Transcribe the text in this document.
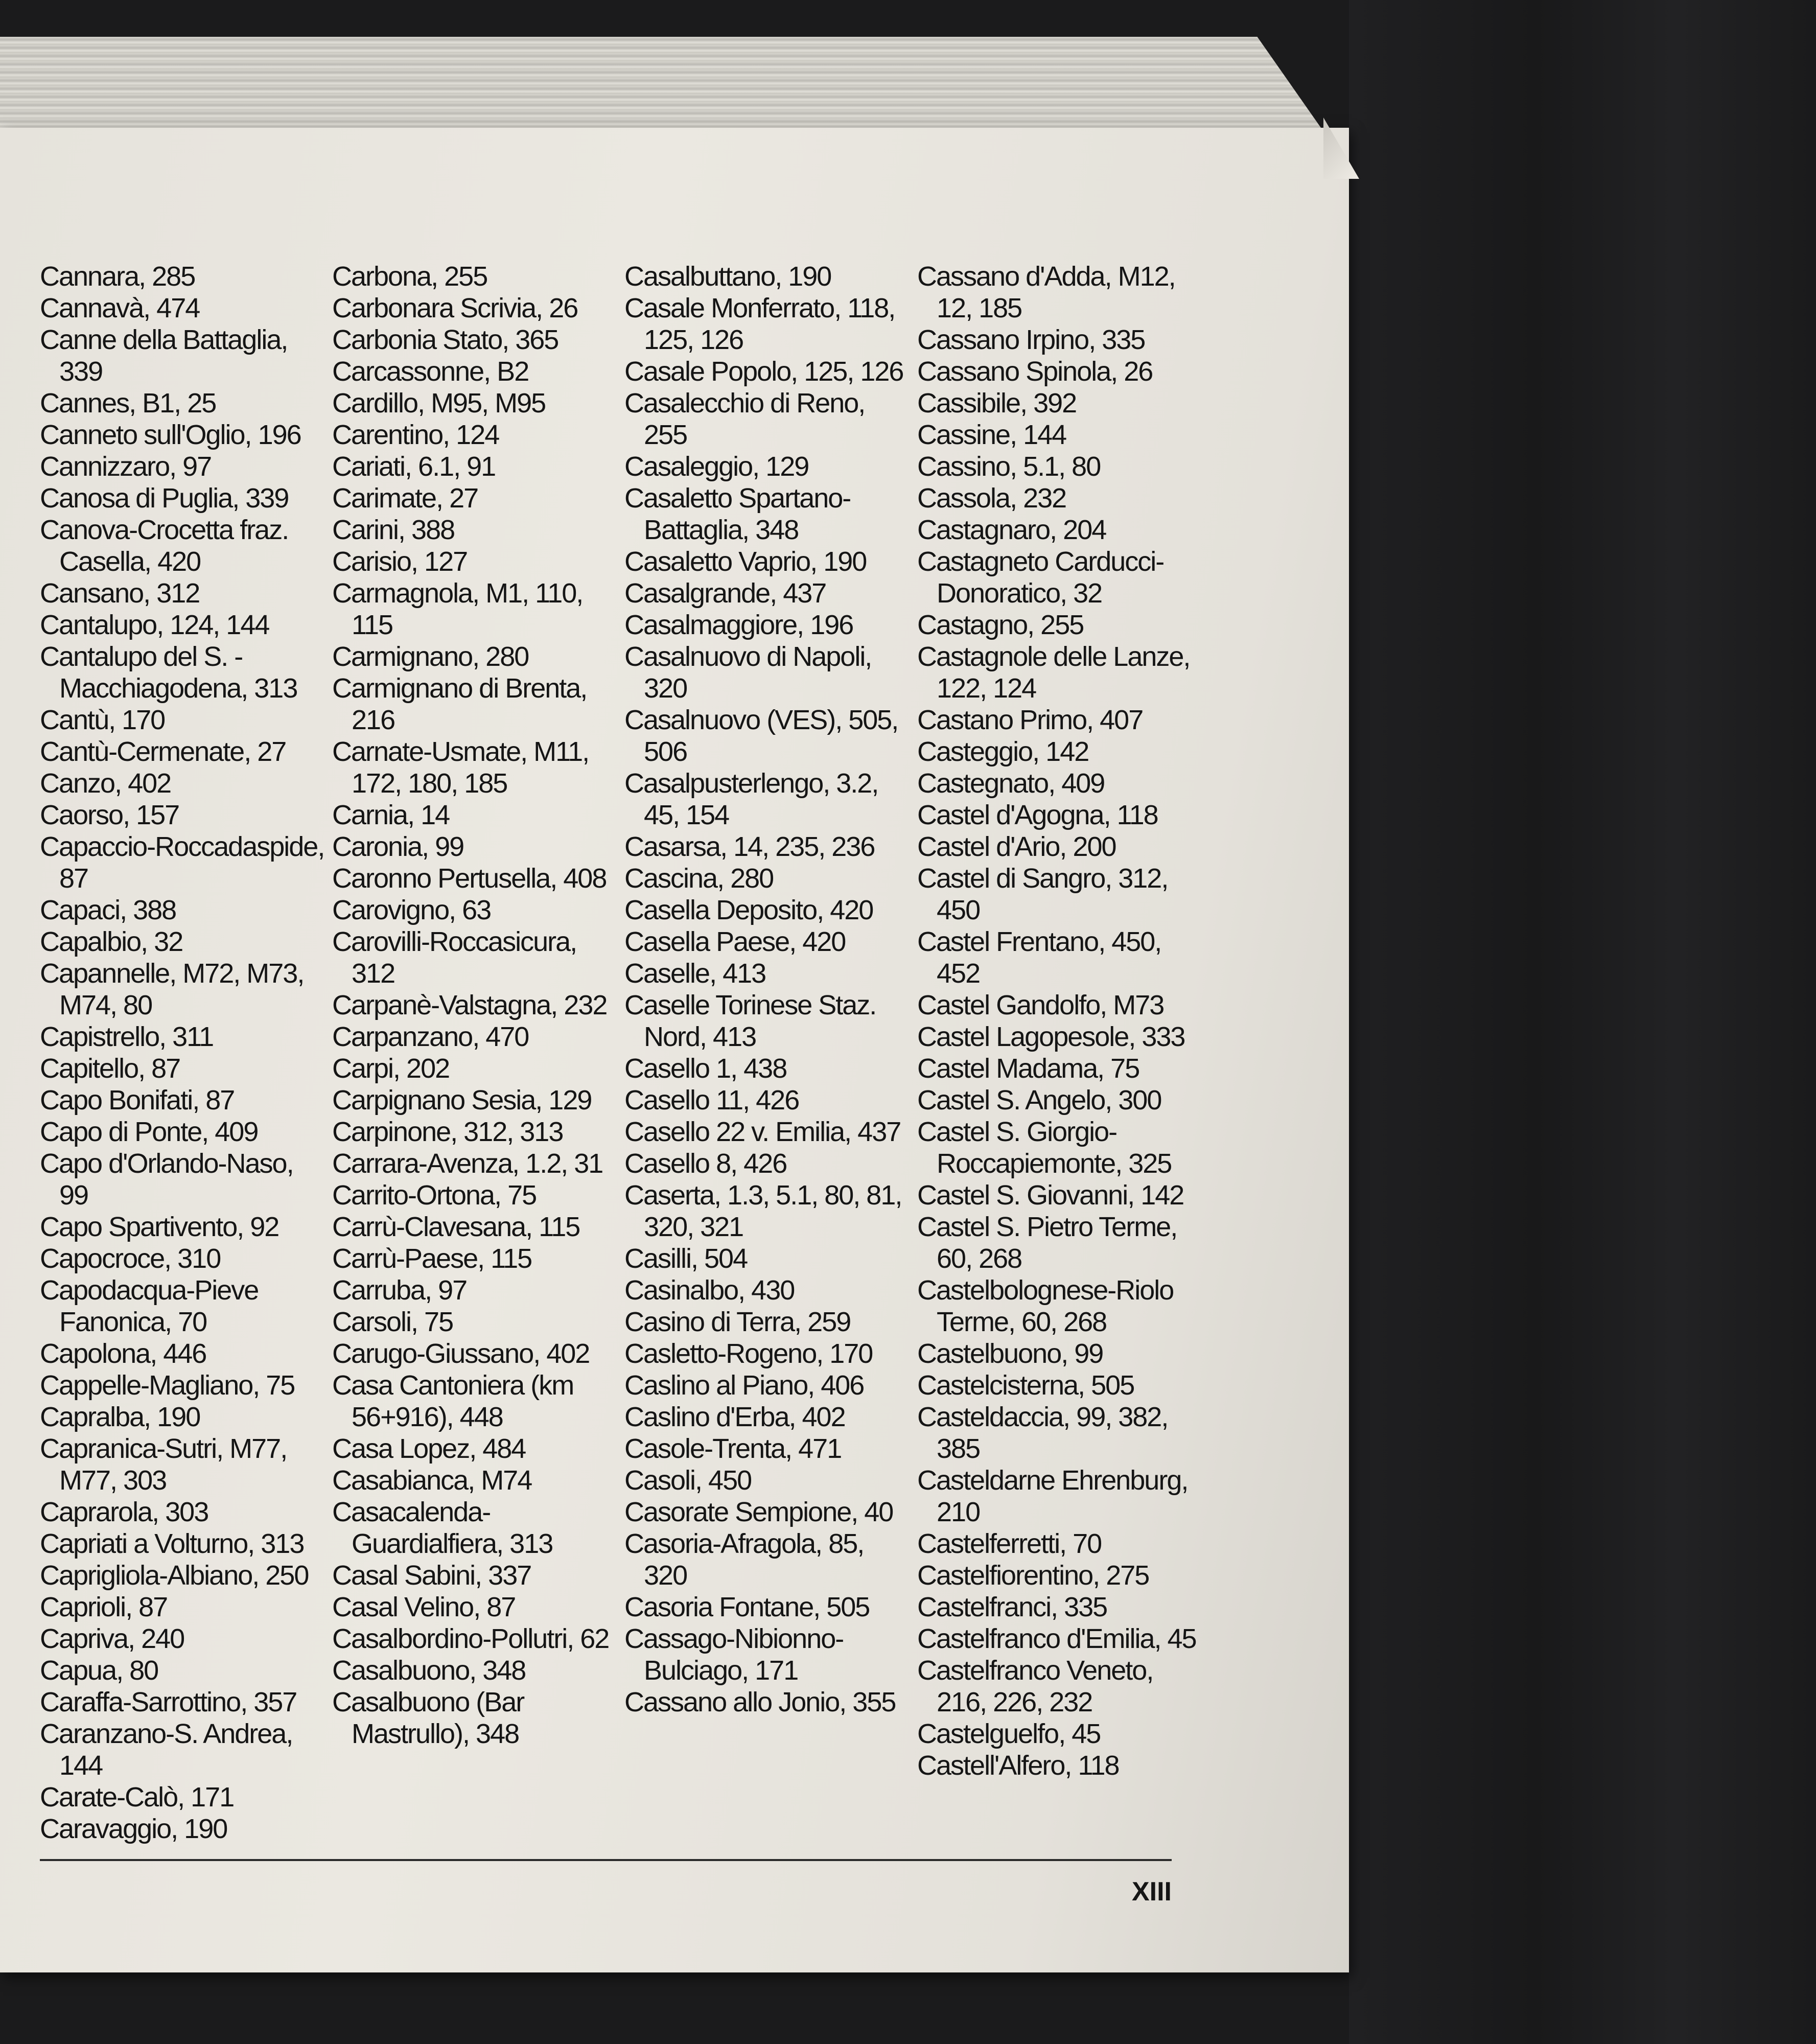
Cannara, 285

Cannavà, 474

Canne della Battaglia, 339

Cannes, B1, 25

Canneto sull'Oglio, 196

Cannizzaro, 97

Canosa di Puglia, 339

Canova-Crocetta fraz. Casella, 420

Cansano, 312

Cantalupo, 124, 144

Cantalupo del S. - Macchiagodena, 313

Cantù, 170

Cantù-Cermenate, 27

Canzo, 402

Caorso, 157

Capaccio-Roccadaspide, 87

Capaci, 388

Capalbio, 32

Capannelle, M72, M73, M74, 80

Capistrello, 311

Capitello, 87

Capo Bonifati, 87

Capo di Ponte, 409

Capo d'Orlando-Naso, 99

Capo Spartivento, 92

Capocroce, 310

Capodacqua-Pieve Fanonica, 70

Capolona, 446

Cappelle-Magliano, 75

Capralba, 190

Capranica-Sutri, M77, M77, 303

Caprarola, 303

Capriati a Volturno, 313

Caprigliola-Albiano, 250

Caprioli, 87

Capriva, 240

Capua, 80

Caraffa-Sarrottino, 357

Caranzano-S. Andrea, 144

Carate-Calò, 171

Caravaggio, 190

Carbona, 255

Carbonara Scrivia, 26

Carbonia Stato, 365

Carcassonne, B2

Cardillo, M95, M95

Carentino, 124

Cariati, 6.1, 91

Carimate, 27

Carini, 388

Carisio, 127

Carmagnola, M1, 110, 115

Carmignano, 280

Carmignano di Brenta, 216

Carnate-Usmate, M11, 172, 180, 185

Carnia, 14

Caronia, 99

Caronno Pertusella, 408

Carovigno, 63

Carovilli-Roccasicura, 312

Carpanè-Valstagna, 232

Carpanzano, 470

Carpi, 202

Carpignano Sesia, 129

Carpinone, 312, 313

Carrara-Avenza, 1.2, 31

Carrito-Ortona, 75

Carrù-Clavesana, 115

Carrù-Paese, 115

Carruba, 97

Carsoli, 75

Carugo-Giussano, 402

Casa Cantoniera (km 56+916), 448

Casa Lopez, 484

Casabianca, M74

Casacalenda-Guardialfiera, 313

Casal Sabini, 337

Casal Velino, 87

Casalbordino-Pollutri, 62

Casalbuono, 348

Casalbuono (Bar Mastrullo), 348

Casalbuttano, 190

Casale Monferrato, 118, 125, 126

Casale Popolo, 125, 126

Casalecchio di Reno, 255

Casaleggio, 129

Casaletto Spartano-Battaglia, 348

Casaletto Vaprio, 190

Casalgrande, 437

Casalmaggiore, 196

Casalnuovo di Napoli, 320

Casalnuovo (VES), 505, 506

Casalpusterlengo, 3.2, 45, 154

Casarsa, 14, 235, 236

Cascina, 280

Casella Deposito, 420

Casella Paese, 420

Caselle, 413

Caselle Torinese Staz. Nord, 413

Casello 1, 438

Casello 11, 426

Casello 22 v. Emilia, 437

Casello 8, 426

Caserta, 1.3, 5.1, 80, 81, 320, 321

Casilli, 504

Casinalbo, 430

Casino di Terra, 259

Casletto-Rogeno, 170

Caslino al Piano, 406

Caslino d'Erba, 402

Casole-Trenta, 471

Casoli, 450

Casorate Sempione, 40

Casoria-Afragola, 85, 320

Casoria Fontane, 505

Cassago-Nibionno-Bulciago, 171

Cassano allo Jonio, 355

Cassano d'Adda, M12, 12, 185

Cassano Irpino, 335

Cassano Spinola, 26

Cassibile, 392

Cassine, 144

Cassino, 5.1, 80

Cassola, 232

Castagnaro, 204

Castagneto Carducci-Donoratico, 32

Castagno, 255

Castagnole delle Lanze, 122, 124

Castano Primo, 407

Casteggio, 142

Castegnato, 409

Castel d'Agogna, 118

Castel d'Ario, 200

Castel di Sangro, 312, 450

Castel Frentano, 450, 452

Castel Gandolfo, M73

Castel Lagopesole, 333

Castel Madama, 75

Castel S. Angelo, 300

Castel S. Giorgio-Roccapiemonte, 325

Castel S. Giovanni, 142

Castel S. Pietro Terme, 60, 268

Castelbolognese-Riolo Terme, 60, 268

Castelbuono, 99

Castelcisterna, 505

Casteldaccia, 99, 382, 385

Casteldarne Ehrenburg, 210

Castelferretti, 70

Castelfiorentino, 275

Castelfranci, 335

Castelfranco d'Emilia, 45

Castelfranco Veneto, 216, 226, 232

Castelguelfo, 45

Castell'Alfero, 118

XIII
